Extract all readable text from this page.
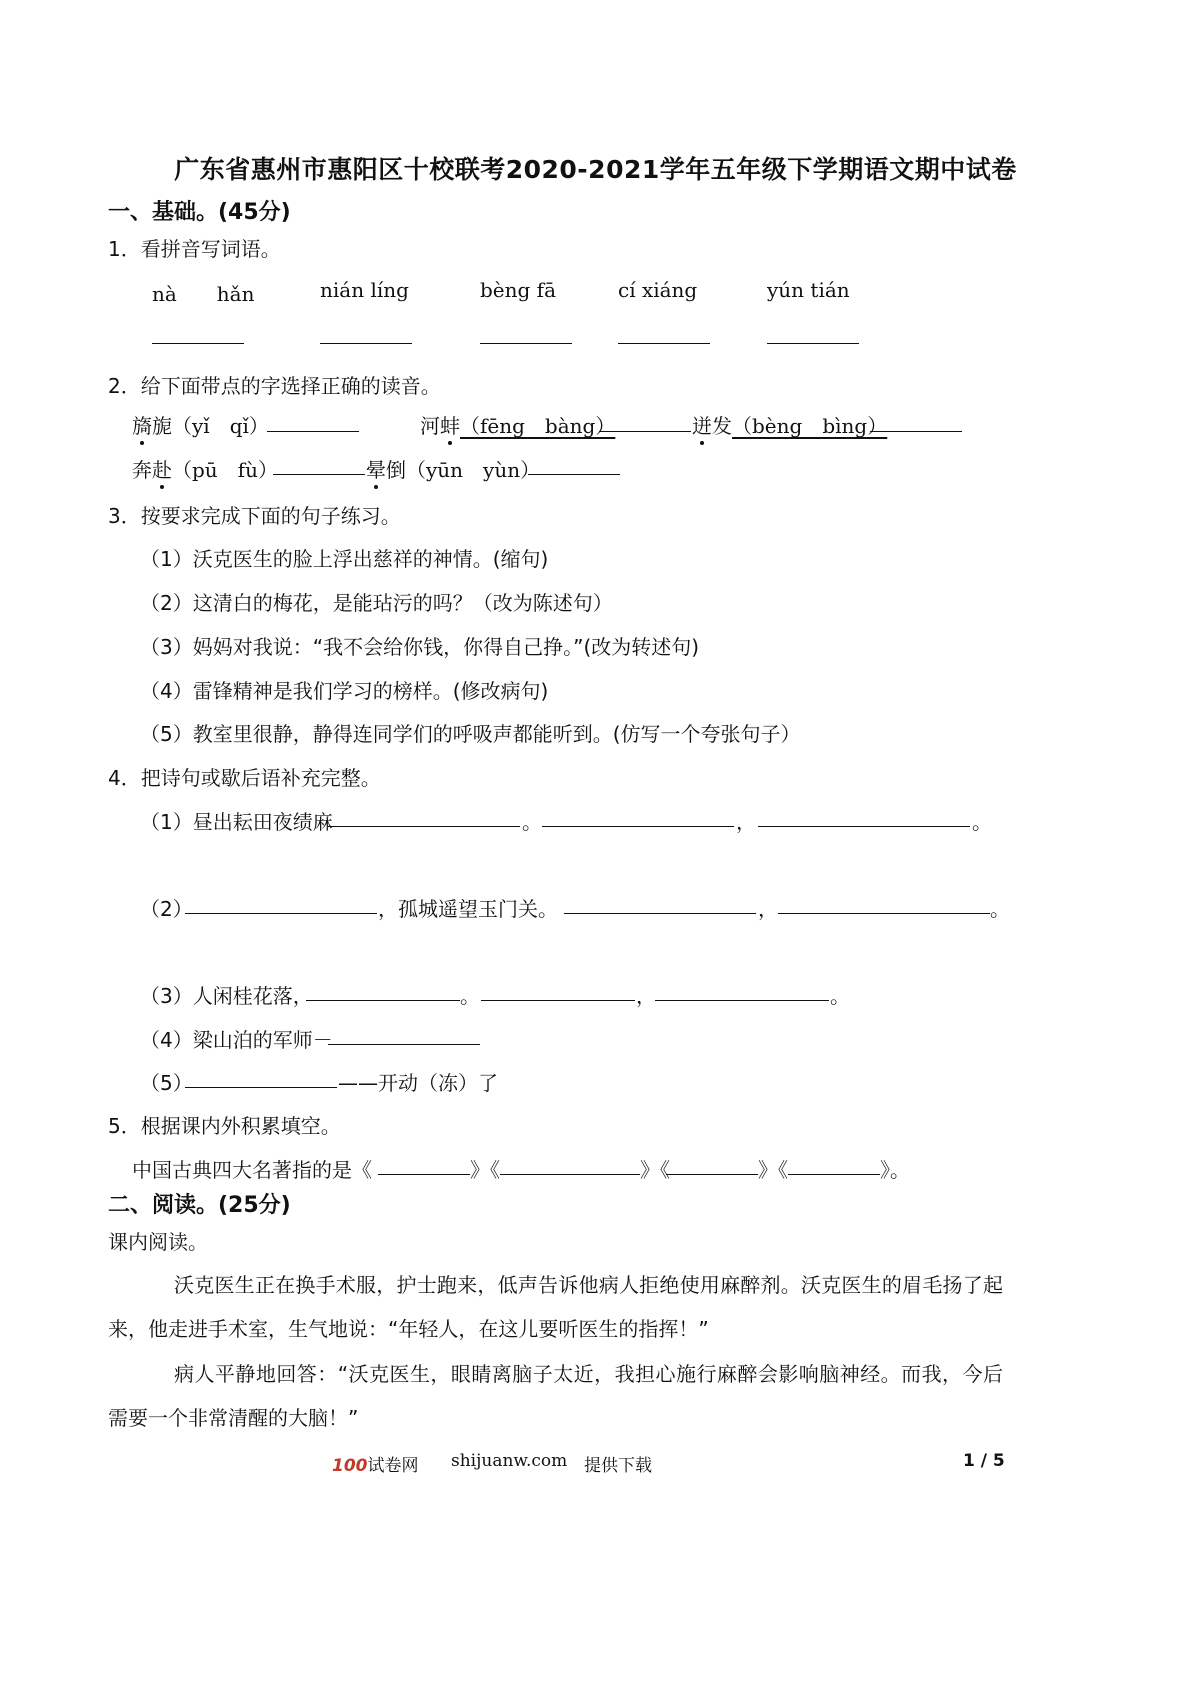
广东省惠州市惠阳区十校联考2020-2021学年五年级下学期语文期中试卷
一、基础。(45分)
1．看拼音写词语。
nà　　hǎn	nián líng	bèng fā	cí xiáng	yún tián
2．给下面带点的字选择正确的读音。
旖旎（yǐ　qǐ）	河蚌（fēng　bàng）	迸发（bèng　bìng）
奔赴（pū　fù）	晕倒（yūn　yùn）
3．按要求完成下面的句子练习。
（1）沃克医生的脸上浮出慈祥的神情。(缩句)
（2）这清白的梅花，是能玷污的吗？（改为陈述句）
（3）妈妈对我说：“我不会给你钱，你得自己挣。”(改为转述句)
（4）雷锋精神是我们学习的榜样。(修改病句)
（5）教室里很静，静得连同学们的呼吸声都能听到。(仿写一个夸张句子）
4．把诗句或歇后语补充完整。
（1）昼出耘田夜绩麻	。	，	。
（2）	，孤城遥望玉门关。	，	。
（3）人闲桂花落，	。	，	。
（4）梁山泊的军师－
（5）	——开动（冻）了
5．根据课内外积累填空。
中国古典四大名著指的是《	》《	》《	》《	》。
二、阅读。(25分)
课内阅读。
沃克医生正在换手术服，护士跑来，低声告诉他病人拒绝使用麻醉剂。沃克医生的眉毛扬了起来，他走进手术室，生气地说：“年轻人，在这儿要听医生的指挥！”
病人平静地回答：“沃克医生，眼睛离脑子太近，我担心施行麻醉会影响脑神经。而我，今后需要一个非常清醒的大脑！”
100试卷网 shijuanw.com 提供下载	1 / 5
